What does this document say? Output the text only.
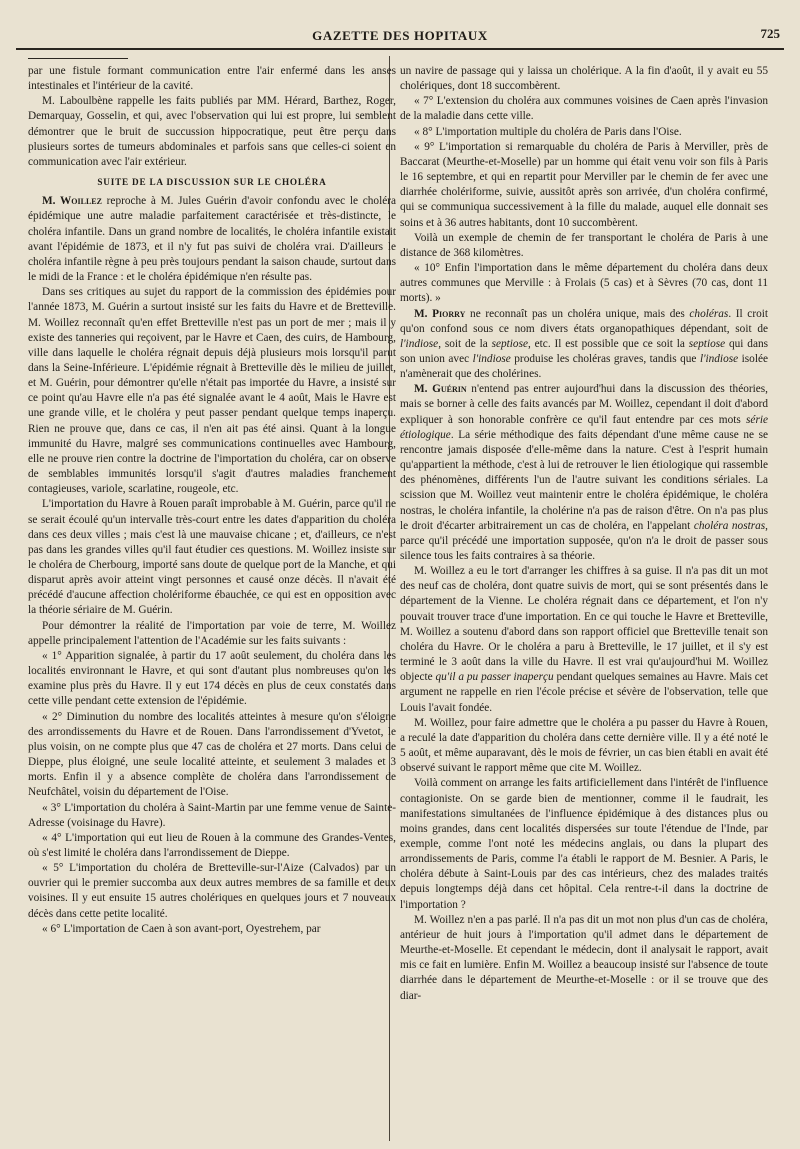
GAZETTE DES HOPITAUX	725

par une fistule formant communication entre l'air enfermé dans les anses intestinales et l'intérieur de la cavité.

M. Laboulbène rappelle les faits publiés par MM. Hérard, Barthez, Roger, Demarquay, Gosselin, et qui, avec l'observation qui lui est propre, lui semblent démontrer que le bruit de succussion hippocratique, peut être perçu dans plusieurs sortes de tumeurs abdominales et parfois sans que celles-ci soient en communication avec l'air extérieur.

SUITE DE LA DISCUSSION SUR LE CHOLÉRA

M. Woillez reproche à M. Jules Guérin d'avoir confondu avec le choléra épidémique une autre maladie parfaitement caractérisée et très-distincte, le choléra infantile. Dans un grand nombre de localités, le choléra infantile existait avant l'épidémie de 1873, et il n'y fut pas suivi de choléra vrai. D'ailleurs le choléra infantile règne à peu près toujours pendant la saison chaude, surtout dans le midi de la France : et le choléra épidémique n'en résulte pas.

Dans ses critiques au sujet du rapport de la commission des épidémies pour l'année 1873, M. Guérin a surtout insisté sur les faits du Havre et de Bretteville. M. Woillez reconnaît qu'en effet Bretteville n'est pas un port de mer ; mais il y existe des tanneries qui reçoivent, par le Havre et Caen, des cuirs, de Hambourg, ville dans laquelle le choléra régnait depuis déjà plusieurs mois lorsqu'il parut dans la Seine-Inférieure. L'épidémie régnait à Bretteville dès le milieu de juillet, et M. Guérin, pour démontrer qu'elle n'était pas importée du Havre, a insisté sur ce point qu'au Havre elle n'a pas été signalée avant le 4 août, Mais le Havre est une grande ville, et le choléra y peut passer pendant quelque temps inaperçu. Rien ne prouve que, dans ce cas, il n'en ait pas été ainsi. Quant à la longue immunité du Havre, malgré ses communications continuelles avec Hambourg, elle ne prouve rien contre la doctrine de l'importation du choléra, car on observe de semblables immunités lorsqu'il s'agit d'autres maladies franchement contagieuses, variole, scarlatine, rougeole, etc.

L'importation du Havre à Rouen paraît improbable à M. Guérin, parce qu'il ne se serait écoulé qu'un intervalle très-court entre les dates d'apparition du choléra dans ces deux villes ; mais c'est là une mauvaise chicane ; et, d'ailleurs, ce n'est pas dans les grandes villes qu'il faut étudier ces questions. M. Woillez insiste sur le choléra de Cherbourg, importé sans doute de quelque port de la Manche, et qui disparut après avoir atteint vingt personnes et causé onze décès. Il n'avait été précédé d'aucune affection cholériforme ébauchée, ce qui est en opposition avec la théorie sériaire de M. Guérin.

Pour démontrer la réalité de l'importation par voie de terre, M. Woillez appelle principalement l'attention de l'Académie sur les faits suivants :

« 1° Apparition signalée, à partir du 17 août seulement, du choléra dans les localités environnant le Havre, et qui sont d'autant plus nombreuses qu'on les examine plus près du Havre. Il y eut 174 décès en plus de ceux constatés dans cette ville pendant cette extension de l'épidémie.

« 2° Diminution du nombre des localités atteintes à mesure qu'on s'éloigne des arrondissements du Havre et de Rouen. Dans l'arrondissement d'Yvetot, le plus voisin, on ne compte plus que 47 cas de choléra et 27 morts. Dans celui de Dieppe, plus éloigné, une seule localité atteinte, et seulement 3 malades et 3 morts. Enfin il y a absence complète de choléra dans l'arrondissement de Neufchâtel, voisin du département de l'Oise.

« 3° L'importation du choléra à Saint-Martin par une femme venue de Sainte-Adresse (voisinage du Havre).

« 4° L'importation qui eut lieu de Rouen à la commune des Grandes-Ventes, où s'est limité le choléra dans l'arrondissement de Dieppe.

« 5° L'importation du choléra de Bretteville-sur-l'Aize (Calvados) par un ouvrier qui le premier succomba aux deux autres membres de sa famille et deux voisines. Il y eut ensuite 15 autres cholériques en quelques jours et 7 nouveaux décès dans cette petite localité.

« 6° L'importation de Caen à son avant-port, Oyestrehem, par

un navire de passage qui y laissa un cholérique. A la fin d'août, il y avait eu 55 cholériques, dont 18 succombèrent.

« 7° L'extension du choléra aux communes voisines de Caen après l'invasion de la maladie dans cette ville.

« 8° L'importation multiple du choléra de Paris dans l'Oise.

« 9° L'importation si remarquable du choléra de Paris à Merviller, près de Baccarat (Meurthe-et-Moselle) par un homme qui était venu voir son fils à Paris le 16 septembre, et qui en repartit pour Merviller par le chemin de fer avec une diarrhée cholériforme, suivie, aussitôt après son arrivée, d'un choléra confirmé, qui se communiqua successivement à la fille du malade, auquel elle donnait ses soins et à 36 autres habitants, dont 10 succombèrent.

Voilà un exemple de chemin de fer transportant le choléra de Paris à une distance de 368 kilomètres.

« 10° Enfin l'importation dans le même département du choléra dans deux autres communes que Merville : à Frolais (5 cas) et à Sèvres (70 cas, dont 11 morts). »

M. Piorry ne reconnaît pas un choléra unique, mais des choléras. Il croit qu'on confond sous ce nom divers états organopathiques dépendant, soit de l'indiose, soit de la septiose, etc. Il est possible que ce soit la septiose qui dans son union avec l'indiose produise les choléras graves, tandis que l'indiose isolée n'amènerait que des cholérines.

M. Guérin n'entend pas entrer aujourd'hui dans la discussion des théories, mais se borner à celle des faits avancés par M. Woillez, cependant il doit d'abord expliquer à son honorable confrère ce qu'il faut entendre par ces mots série étiologique. La série méthodique des faits dépendant d'une même cause ne se rencontre jamais disposée d'elle-même dans la nature. C'est à l'esprit humain qu'appartient la méthode, c'est à lui de retrouver le lien étiologique qui rassemble des phénomènes, différents l'un de l'autre suivant les conditions sériales. La scission que M. Woillez veut maintenir entre le choléra épidémique, le choléra nostras, le choléra infantile, la cholérine n'a pas de raison d'être. On n'a pas plus le droit d'écarter arbitrairement un cas de choléra, en l'appelant choléra nostras, parce qu'il précédé une importation supposée, qu'on n'a le droit de passer sous silence tous les faits contraires à sa théorie.

M. Woillez a eu le tort d'arranger les chiffres à sa guise. Il n'a pas dit un mot des neuf cas de choléra, dont quatre suivis de mort, qui se sont présentés dans le département de la Vienne. Le choléra régnait dans ce département, et l'on n'y pouvait trouver trace d'une importation. En ce qui touche le Havre et Bretteville, M. Woillez a soutenu d'abord dans son rapport officiel que Bretteville tenait son choléra du Havre. Or le choléra a paru à Bretteville, le 17 juillet, et il s'y est terminé le 3 août dans la ville du Havre. Il est vrai qu'aujourd'hui M. Woillez objecte qu'il a pu passer inaperçu pendant quelques semaines au Havre. Mais cet argument ne rappelle en rien l'école précise et sévère de l'observation, telle que Louis l'avait fondée.

M. Woillez, pour faire admettre que le choléra a pu passer du Havre à Rouen, a reculé la date d'apparition du choléra dans cette dernière ville. Il y a été noté le 5 août, et même auparavant, dès le mois de février, un cas bien établi en avait été observé suivant le rapport même que cite M. Woillez.

Voilà comment on arrange les faits artificiellement dans l'intérêt de l'influence contagioniste. On se garde bien de mentionner, comme il le faudrait, les manifestations simultanées de l'influence épidémique à des distances plus ou moins grandes, dans cent localités dispersées sur toute l'étendue de l'Inde, par exemple, comme l'ont noté les médecins anglais, ou dans la plupart des arrondissements de Paris, comme l'a établi le rapport de M. Besnier. A Paris, le choléra débute à Saint-Louis par des cas intérieurs, chez des malades traités depuis longtemps déjà dans cet hôpital. Cela rentre-t-il dans la doctrine de l'importation ?

M. Woillez n'en a pas parlé. Il n'a pas dit un mot non plus d'un cas de choléra, antérieur de huit jours à l'importation qu'il admet dans le département de Meurthe-et-Moselle. Et cependant le médecin, dont il analysait le rapport, avait mis ce fait en lumière. Enfin M. Woillez a beaucoup insisté sur l'absence de toute diarrhée dans le département de Meurthe-et-Moselle : or il se trouve que des diar-
